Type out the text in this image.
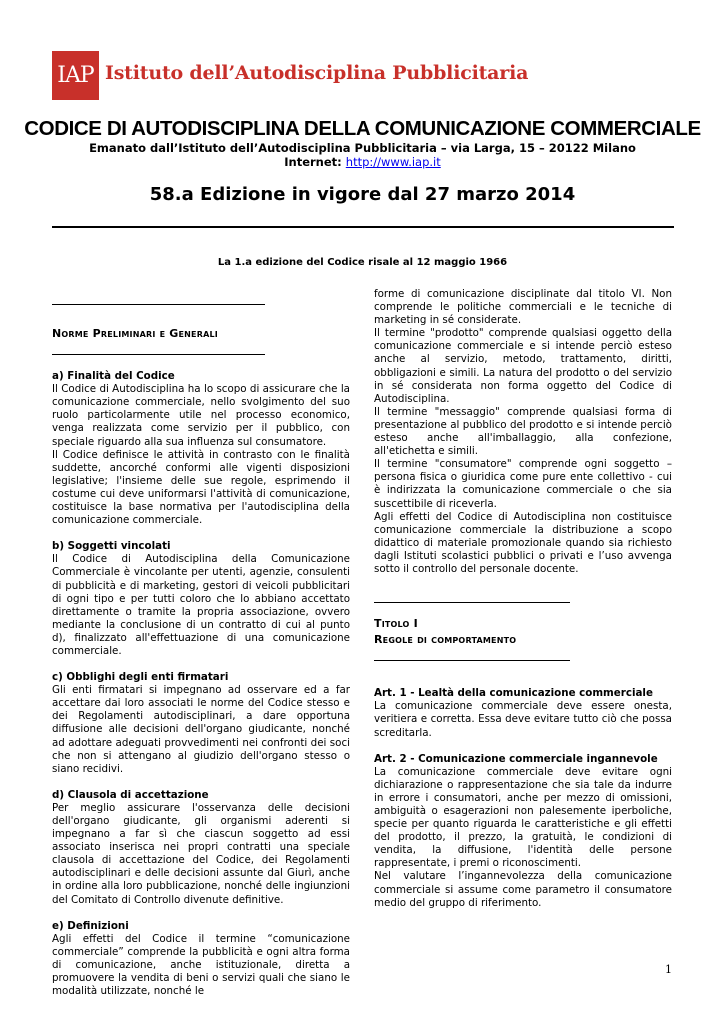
IAP Istituto dell’Autodisciplina Pubblicitaria
CODICE DI AUTODISCIPLINA DELLA COMUNICAZIONE COMMERCIALE
Emanato dall’Istituto dell’Autodisciplina Pubblicitaria – via Larga, 15 – 20122 Milano
Internet: http://www.iap.it
58.a Edizione in vigore dal 27 marzo 2014
La 1.a edizione del Codice risale al 12 maggio 1966
Norme Preliminari e Generali

a) Finalità del Codice

Il Codice di Autodisciplina ha lo scopo di assicurare che la comunicazione commerciale, nello svolgimento del suo ruolo particolarmente utile nel processo economico, venga realizzata come servizio per il pubblico, con speciale riguardo alla sua influenza sul consumatore.

Il Codice definisce le attività in contrasto con le finalità suddette, ancorché conformi alle vigenti disposizioni legislative; l'insieme delle sue regole, esprimendo il costume cui deve uniformarsi l'attività di comunicazione, costituisce la base normativa per l'autodisciplina della comunicazione commerciale.

b) Soggetti vincolati

Il Codice di Autodisciplina della Comunicazione Commerciale è vincolante per utenti, agenzie, consulenti di pubblicità e di marketing, gestori di veicoli pubblicitari di ogni tipo e per tutti coloro che lo abbiano accettato direttamente o tramite la propria associazione, ovvero mediante la conclusione di un contratto di cui al punto d), finalizzato all'effettuazione di una comunicazione commerciale.

c) Obblighi degli enti firmatari

Gli enti firmatari si impegnano ad osservare ed a far accettare dai loro associati le norme del Codice stesso e dei Regolamenti autodisciplinari, a dare opportuna diffusione alle decisioni dell'organo giudicante, nonché ad adottare adeguati provvedimenti nei confronti dei soci che non si attengano al giudizio dell'organo stesso o siano recidivi.

d) Clausola di accettazione

Per meglio assicurare l'osservanza delle decisioni dell'organo giudicante, gli organismi aderenti si impegnano a far sì che ciascun soggetto ad essi associato inserisca nei propri contratti una speciale clausola di accettazione del Codice, dei Regolamenti autodisciplinari e delle decisioni assunte dal Giurì, anche in ordine alla loro pubblicazione, nonché delle ingiunzioni del Comitato di Controllo divenute definitive.

e) Definizioni

Agli effetti del Codice il termine “comunicazione commerciale” comprende la pubblicità e ogni altra forma di comunicazione, anche istituzionale, diretta a promuovere la vendita di beni o servizi quali che siano le modalità utilizzate, nonché le

forme di comunicazione disciplinate dal titolo VI. Non comprende le politiche commerciali e le tecniche di marketing in sé considerate.

Il termine "prodotto" comprende qualsiasi oggetto della comunicazione commerciale e si intende perciò esteso anche al servizio, metodo, trattamento, diritti, obbligazioni e simili. La natura del prodotto o del servizio in sé considerata non forma oggetto del Codice di Autodisciplina.

Il termine "messaggio" comprende qualsiasi forma di presentazione al pubblico del prodotto e si intende perciò esteso anche all'imballaggio, alla confezione, all'etichetta e simili.

Il termine "consumatore" comprende ogni soggetto – persona fisica o giuridica come pure ente collettivo - cui è indirizzata la comunicazione commerciale o che sia suscettibile di riceverla.

Agli effetti del Codice di Autodisciplina non costituisce comunicazione commerciale la distribuzione a scopo didattico di materiale promozionale quando sia richiesto dagli Istituti scolastici pubblici o privati e l’uso avvenga sotto il controllo del personale docente.

Titolo I
Regole di comportamento

Art. 1 - Lealtà della comunicazione commerciale

La comunicazione commerciale deve essere onesta, veritiera e corretta. Essa deve evitare tutto ciò che possa screditarla.

Art. 2 - Comunicazione commerciale ingannevole

La comunicazione commerciale deve evitare ogni dichiarazione o rappresentazione che sia tale da indurre in errore i consumatori, anche per mezzo di omissioni, ambiguità o esagerazioni non palesemente iperboliche, specie per quanto riguarda le caratteristiche e gli effetti del prodotto, il prezzo, la gratuità, le condizioni di vendita, la diffusione, l'identità delle persone rappresentate, i premi o riconoscimenti.

Nel valutare l’ingannevolezza della comunicazione commerciale si assume come parametro il consumatore medio del gruppo di riferimento.

1
